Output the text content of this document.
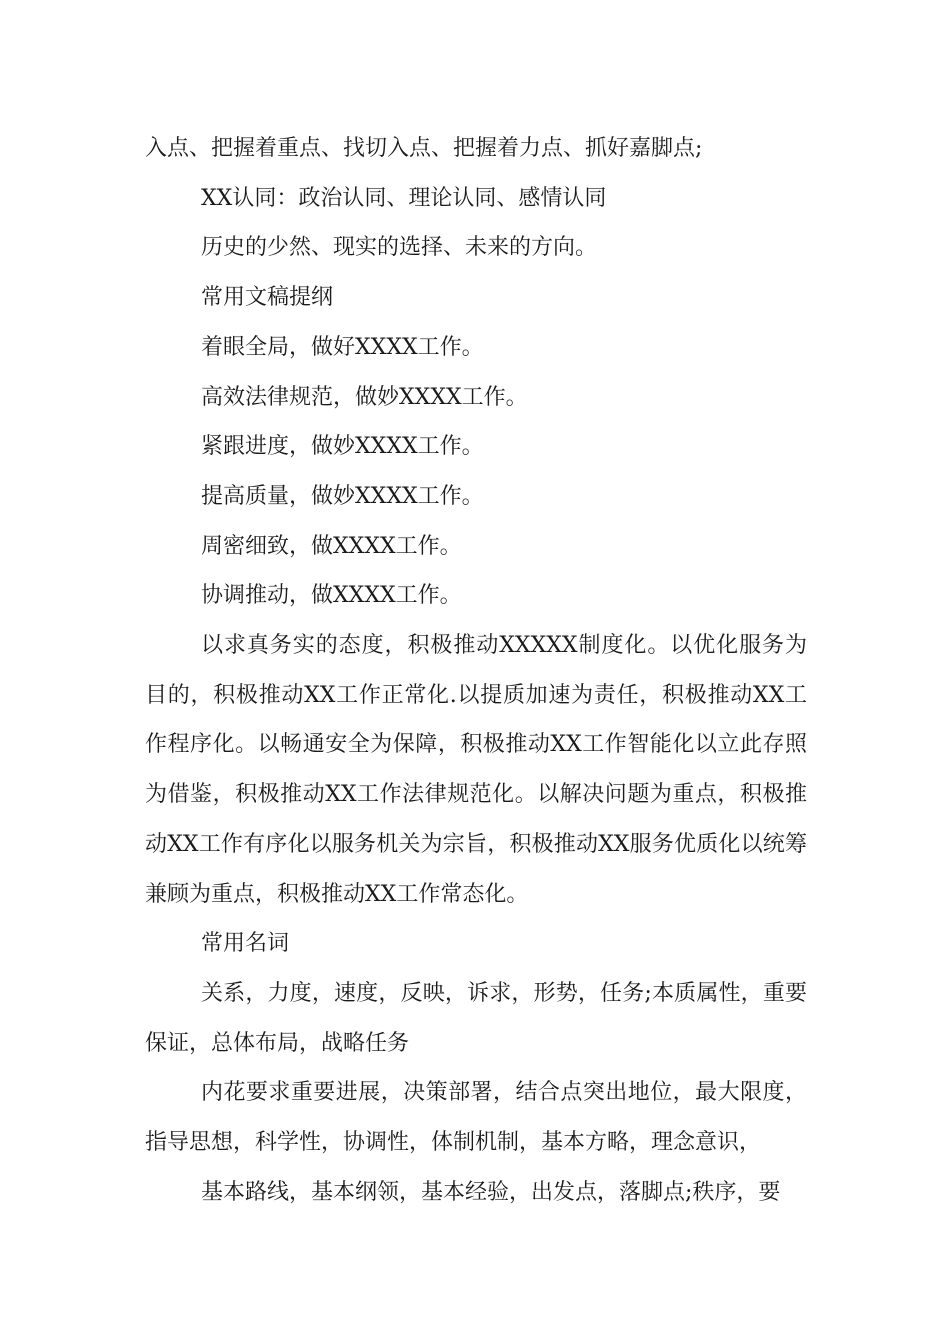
入点、把握着重点、找切入点、把握着力点、抓好嘉脚点;

XX认同：政治认同、理论认同、感情认同

历史的少然、现实的选择、未来的方向。

常用文稿提纲

着眼全局，做好XXXX工作。

高效法律规范，做妙XXXX工作。

紧跟进度，做妙XXXX工作。

提高质量，做妙XXXX工作。

周密细致，做XXXX工作。

协调推动，做XXXX工作。

以求真务实的态度，积极推动XXXXX制度化。以优化服务为目的，积极推动XX工作正常化.以提质加速为责任，积极推动XX工作程序化。以畅通安全为保障，积极推动XX工作智能化以立此存照为借鉴，积极推动XX工作法律规范化。以解决问题为重点，积极推动XX工作有序化以服务机关为宗旨，积极推动XX服务优质化以统筹兼顾为重点，积极推动XX工作常态化。

常用名词

关系，力度，速度，反映，诉求，形势，任务;本质属性，重要保证，总体布局，战略任务

内花要求重要进展，决策部署，结合点突出地位，最大限度，指导思想，科学性，协调性，体制机制，基本方略，理念意识，

基本路线，基本纲领，基本经验，出发点，落脚点;秩序，要
